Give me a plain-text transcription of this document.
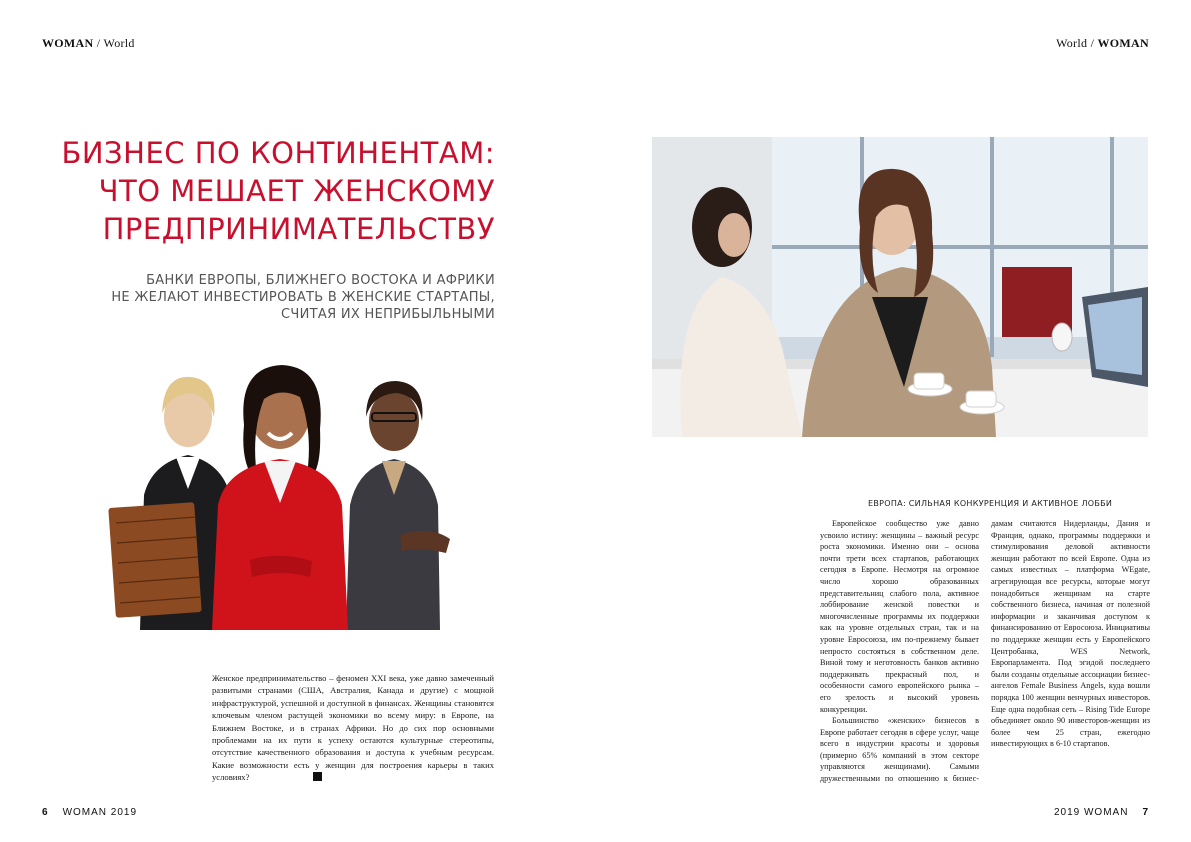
WOMAN / World
БИЗНЕС ПО КОНТИНЕНТАМ:
ЧТО МЕШАЕТ ЖЕНСКОМУ
ПРЕДПРИНИМАТЕЛЬСТВУ

БАНКИ ЕВРОПЫ, БЛИЖНЕГО ВОСТОКА И АФРИКИ
НЕ ЖЕЛАЮТ ИНВЕСТИРОВАТЬ В ЖЕНСКИЕ СТАРТАПЫ,
СЧИТАЯ ИХ НЕПРИБЫЛЬНЫМИ

Женское предпринимательство – феномен XXI века, уже давно замеченный развитыми странами (США, Австралия, Канада и другие) с мощной инфраструктурой, успешной и доступной в финансах. Женщины становятся ключевым членом растущей экономики во всему миру: в Европе, на Ближнем Востоке, и в странах Африки. Но до сих пор основными проблемами на их пути к успеху остаются культурные стереотипы, отсутствие качественного образования и доступа к учебным ресурсам. Какие возможности есть у женщин для построения карьеры в таких условиях?

6 WOMAN 2019
World / WOMAN

ЕВРОПА: СИЛЬНАЯ КОНКУРЕНЦИЯ И АКТИВНОЕ ЛОББИ

Европейское сообщество уже давно усвоило истину: женщины – важный ресурс роста экономики. Именно они – основа почти трети всех стартапов, работающих сегодня в Европе. Несмотря на огромное число хорошо образованных представительниц слабого пола, активное лоббирование женской повестки и многочисленные программы их поддержки как на уровне отдельных стран, так и на уровне Евросоюза, им по-прежнему бывает непросто состояться в собственном деле. Виной тому и неготовность банков активно поддерживать прекрасный пол, и особенности самого европейского рынка – его зрелость и высокий уровень конкуренции.

Большинство «женских» бизнесов в Европе работает сегодня в сфере услуг, чаще всего в индустрии красоты и здоровья (примерно 65% компаний в этом секторе управляются женщинами). Самыми дружественными по отношению к бизнес-дамам считаются Нидерланды, Дания и Франция, однако, программы поддержки и стимулирования деловой активности женщин работают по всей Европе. Одна из самых известных – платформа WEgate, агрегирующая все ресурсы, которые могут понадобиться женщинам на старте собственного бизнеса, начиная от полезной информации и заканчивая доступом к финансированию от Евросоюза. Инициативы по поддержке женщин есть у Европейского Центробанка, WES Network, Европарламента. Под эгидой последнего были созданы отдельные ассоциации бизнес-ангелов Female Business Angels, куда вошли порядка 100 женщин венчурных инвесторов. Еще одна подобная сеть – Rising Tide Europe объединяет около 90 инвесторов-женщин из более чем 25 стран, ежегодно инвестирующих в 6-10 стартапов.

2019 WOMAN 7
